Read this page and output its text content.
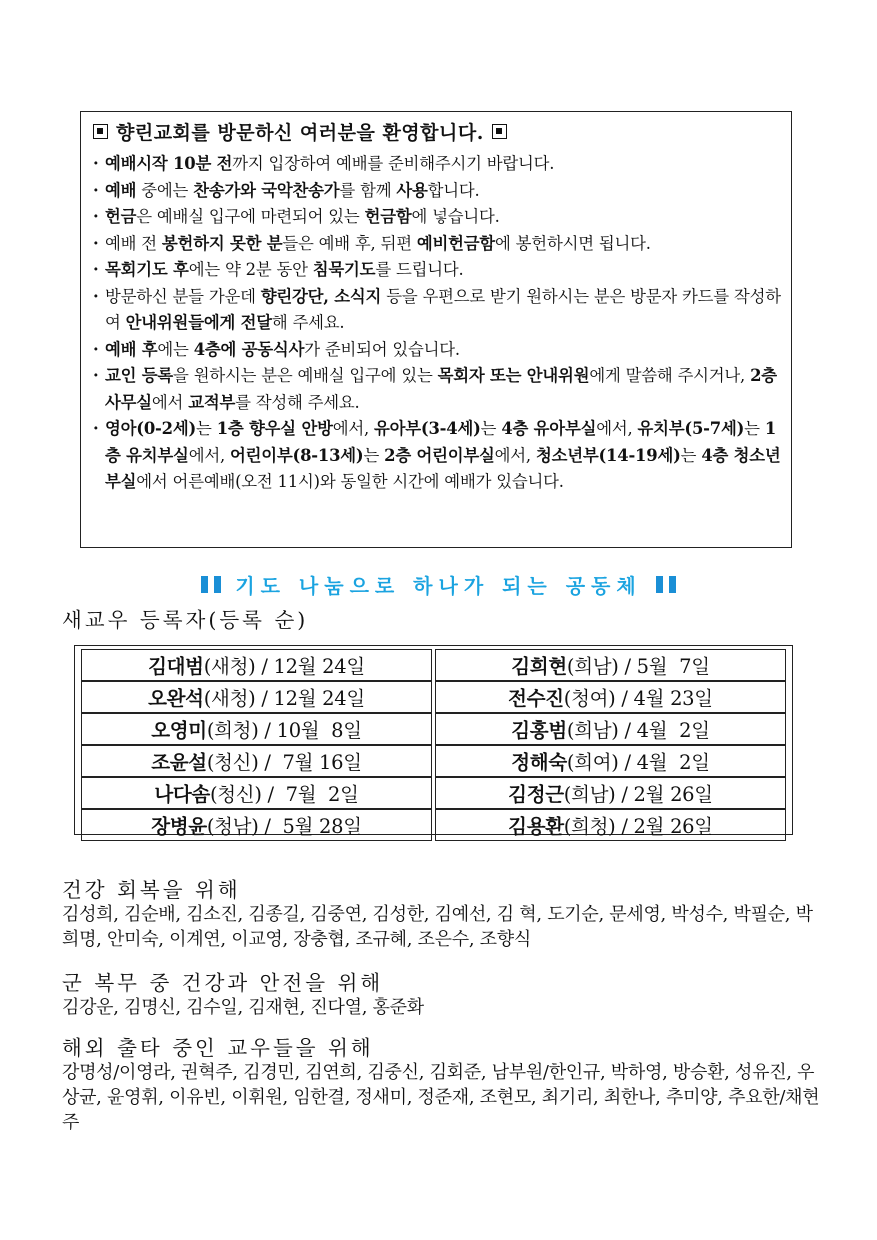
향린교회를 방문하신 여러분을 환영합니다.
· 예배시작 10분 전까지 입장하여 예배를 준비해주시기 바랍니다.
· 예배 중에는 찬송가와 국악찬송가를 함께 사용합니다.
· 헌금은 예배실 입구에 마련되어 있는 헌금함에 넣습니다.
· 예배 전 봉헌하지 못한 분들은 예배 후, 뒤편 예비헌금함에 봉헌하시면 됩니다.
· 목회기도 후에는 약 2분 동안 침묵기도를 드립니다.
· 방문하신 분들 가운데 향린강단, 소식지 등을 우편으로 받기 원하시는 분은 방문자 카드를 작성하여 안내위원들에게 전달해 주세요.
· 예배 후에는 4층에 공동식사가 준비되어 있습니다.
· 교인 등록을 원하시는 분은 예배실 입구에 있는 목회자 또는 안내위원에게 말씀해 주시거나, 2층 사무실에서 교적부를 작성해 주세요.
· 영아(0-2세)는 1층 향우실 안방에서, 유아부(3-4세)는 4층 유아부실에서, 유치부(5-7세)는 1층 유치부실에서, 어린이부(8-13세)는 2층 어린이부실에서, 청소년부(14-19세)는 4층 청소년부실에서 어른예배(오전 11시)와 동일한 시간에 예배가 있습니다.
기도 나눔으로 하나가 되는 공동체
새교우 등록자(등록 순)
김대범(새청) / 12월 24일	김희현(희남) / 5월  7일
오완석(새청) / 12월 24일	전수진(청여) / 4월 23일
오영미(희청) / 10월  8일	김홍범(희남) / 4월  2일
조윤설(청신) /  7월 16일	정해숙(희여) / 4월  2일
나다솜(청신) /  7월  2일	김정근(희남) / 2월 26일
장병윤(청남) /  5월 28일	김용환(희청) / 2월 26일
건강 회복을 위해
김성희, 김순배, 김소진, 김종길, 김중연, 김성한, 김예선, 김 혁, 도기순, 문세영, 박성수, 박필순, 박희명, 안미숙, 이계연, 이교영, 장충협, 조규혜, 조은수, 조향식
군 복무 중 건강과 안전을 위해
김강운, 김명신, 김수일, 김재현, 진다열, 홍준화
해외 출타 중인 교우들을 위해
강명성/이영라, 권혁주, 김경민, 김연희, 김중신, 김회준, 남부원/한인규, 박하영, 방승환, 성유진, 우상균, 윤영휘, 이유빈, 이휘원, 임한결, 정새미, 정준재, 조현모, 최기리, 최한나, 추미양, 추요한/채현주
